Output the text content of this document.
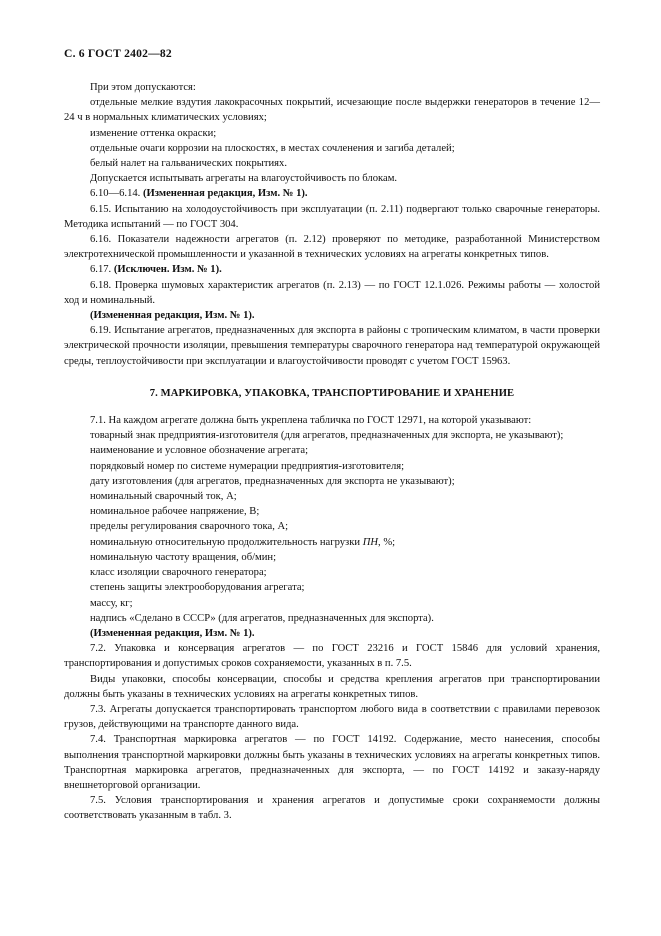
С. 6 ГОСТ 2402—82

При этом допускаются:

отдельные мелкие вздутия лакокрасочных покрытий, исчезающие после выдержки генераторов в течение 12—24 ч в нормальных климатических условиях;

изменение оттенка окраски;

отдельные очаги коррозии на плоскостях, в местах сочленения и загиба деталей;

белый налет на гальванических покрытиях.

Допускается испытывать агрегаты на влагоустойчивость по блокам.

6.10—6.14. (Измененная редакция, Изм. № 1).

6.15. Испытанию на холодоустойчивость при эксплуатации (п. 2.11) подвергают только сварочные генераторы. Методика испытаний — по ГОСТ 304.

6.16. Показатели надежности агрегатов (п. 2.12) проверяют по методике, разработанной Министерством электротехнической промышленности и указанной в технических условиях на агрегаты конкретных типов.

6.17. (Исключен. Изм. № 1).

6.18. Проверка шумовых характеристик агрегатов (п. 2.13) — по ГОСТ 12.1.026. Режимы работы — холостой ход и номинальный.

(Измененная редакция, Изм. № 1).

6.19. Испытание агрегатов, предназначенных для экспорта в районы с тропическим климатом, в части проверки электрической прочности изоляции, превышения температуры сварочного генератора над температурой окружающей среды, теплоустойчивости при эксплуатации и влагоустойчивости проводят с учетом ГОСТ 15963.

7. МАРКИРОВКА, УПАКОВКА, ТРАНСПОРТИРОВАНИЕ И ХРАНЕНИЕ

7.1. На каждом агрегате должна быть укреплена табличка по ГОСТ 12971, на которой указывают:

товарный знак предприятия-изготовителя (для агрегатов, предназначенных для экспорта, не указывают);

наименование и условное обозначение агрегата;

порядковый номер по системе нумерации предприятия-изготовителя;

дату изготовления (для агрегатов, предназначенных для экспорта не указывают);

номинальный сварочный ток, А;

номинальное рабочее напряжение, В;

пределы регулирования сварочного тока, А;

номинальную относительную продолжительность нагрузки ПН, %;

номинальную частоту вращения, об/мин;

класс изоляции сварочного генератора;

степень защиты электрооборудования агрегата;

массу, кг;

надпись «Сделано в СССР» (для агрегатов, предназначенных для экспорта).

(Измененная редакция, Изм. № 1).

7.2. Упаковка и консервация агрегатов — по ГОСТ 23216 и ГОСТ 15846 для условий хранения, транспортирования и допустимых сроков сохраняемости, указанных в п. 7.5.

Виды упаковки, способы консервации, способы и средства крепления агрегатов при транспортировании должны быть указаны в технических условиях на агрегаты конкретных типов.

7.3. Агрегаты допускается транспортировать транспортом любого вида в соответствии с правилами перевозок грузов, действующими на транспорте данного вида.

7.4. Транспортная маркировка агрегатов — по ГОСТ 14192. Содержание, место нанесения, способы выполнения транспортной маркировки должны быть указаны в технических условиях на агрегаты конкретных типов. Транспортная маркировка агрегатов, предназначенных для экспорта, — по ГОСТ 14192 и заказу-наряду внешнеторговой организации.

7.5. Условия транспортирования и хранения агрегатов и допустимые сроки сохраняемости должны соответствовать указанным в табл. 3.
